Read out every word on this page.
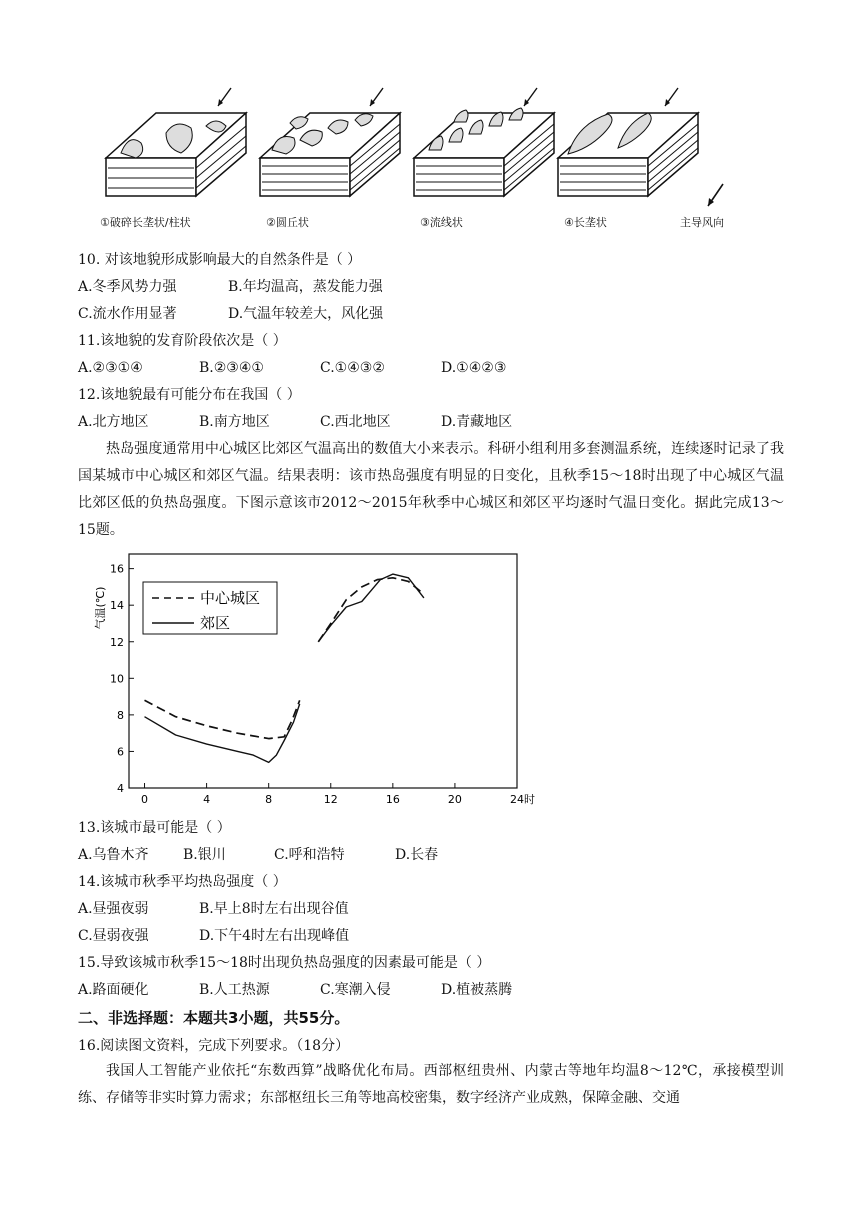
①破碎长垄状/柱状	②圆丘状	③流线状	④长垄状	主导风向
10. 对该地貌形成影响最大的自然条件是（ ）
A.冬季风势力强	B.年均温高，蒸发能力强
C.流水作用显著	D.气温年较差大，风化强
11.该地貌的发育阶段依次是（ ）
A.②③①④	B.②③④①	C.①④③②	D.①④②③
12.该地貌最有可能分布在我国（ ）
A.北方地区	B.南方地区	C.西北地区	D.青藏地区
热岛强度通常用中心城区比郊区气温高出的数值大小来表示。科研小组利用多套测温系统，连续逐时记录了我国某城市中心城区和郊区气温。结果表明：该市热岛强度有明显的日变化，且秋季15～18时出现了中心城区气温比郊区低的负热岛强度。下图示意该市2012～2015年秋季中心城区和郊区平均逐时气温日变化。据此完成13～15题。
0	4	8	12	16	20	24时
4
6
8
10
12
14
16
中心城区
郊区
气温(℃)
13.该城市最可能是（ ）
A.乌鲁木齐 B.银川	C.呼和浩特	D.长春
14.该城市秋季平均热岛强度（ ）
A.昼强夜弱	B.早上8时左右出现谷值
C.昼弱夜强	D.下午4时左右出现峰值
15.导致该城市秋季15～18时出现负热岛强度的因素最可能是（ ）
A.路面硬化	B.人工热源	C.寒潮入侵	D.植被蒸腾
二、非选择题：本题共3小题，共55分。
16.阅读图文资料，完成下列要求。（18分）
我国人工智能产业依托“东数西算”战略优化布局。西部枢纽贵州、内蒙古等地年均温8～12℃，承接模型训练、存储等非实时算力需求；东部枢纽长三角等地高校密集，数字经济产业成熟，保障金融、交通
